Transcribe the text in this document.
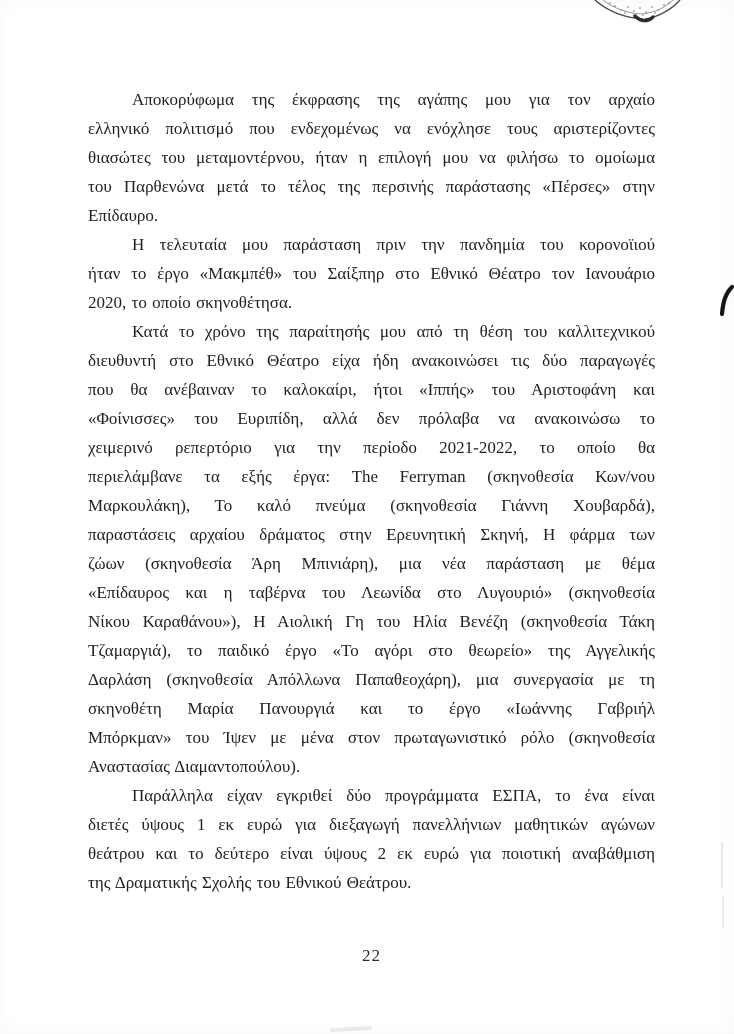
Αποκορύφωμα της έκφρασης της αγάπης μου για τον αρχαίο
ελληνικό πολιτισμό που ενδεχομένως να ενόχλησε τους αριστερίζοντες
θιασώτες του μεταμοντέρνου, ήταν η επιλογή μου να φιλήσω το ομοίωμα
του Παρθενώνα μετά το τέλος της περσινής παράστασης «Πέρσες» στην
Επίδαυρο.
Η τελευταία μου παράσταση πριν την πανδημία του κορονοϊιού
ήταν το έργο «Μακμπέθ» του Σαίξπηρ στο Εθνικό Θέατρο τον Ιανουάριο
2020, το οποίο σκηνοθέτησα.
Κατά το χρόνο της παραίτησής μου από τη θέση του καλλιτεχνικού
διευθυντή στο Εθνικό Θέατρο είχα ήδη ανακοινώσει τις δύο παραγωγές
που θα ανέβαιναν το καλοκαίρι, ήτοι «Ιππής» του Αριστοφάνη και
«Φοίνισσες» του Ευριπίδη, αλλά δεν πρόλαβα να ανακοινώσω το
χειμερινό ρεπερτόριο για την περίοδο 2021-2022, το οποίο θα
περιελάμβανε τα εξής έργα: The Ferryman (σκηνοθεσία Κων/νου
Μαρκουλάκη), Το καλό πνεύμα (σκηνοθεσία Γιάννη Χουβαρδά),
παραστάσεις αρχαίου δράματος στην Ερευνητική Σκηνή, Η φάρμα των
ζώων (σκηνοθεσία Άρη Μπινιάρη), μια νέα παράσταση με θέμα
«Επίδαυρος και η ταβέρνα του Λεωνίδα στο Λυγουριό» (σκηνοθεσία
Νίκου Καραθάνου»), Η Αιολική Γη του Ηλία Βενέζη (σκηνοθεσία Τάκη
Τζαμαργιά), το παιδικό έργο «Το αγόρι στο θεωρείο» της Αγγελικής
Δαρλάση (σκηνοθεσία Απόλλωνα Παπαθεοχάρη), μια συνεργασία με τη
σκηνοθέτη Μαρία Πανουργιά και το έργο «Ιωάννης Γαβριήλ
Μπόρκμαν» του Ίψεν με μένα στον πρωταγωνιστικό ρόλο (σκηνοθεσία
Αναστασίας Διαμαντοπούλου).
Παράλληλα είχαν εγκριθεί δύο προγράμματα ΕΣΠΑ, το ένα είναι
διετές ύψους 1 εκ ευρώ για διεξαγωγή πανελλήνιων μαθητικών αγώνων
θεάτρου και το δεύτερο είναι ύψους 2 εκ ευρώ για ποιοτική αναβάθμιση
της Δραματικής Σχολής του Εθνικού Θεάτρου.
22
